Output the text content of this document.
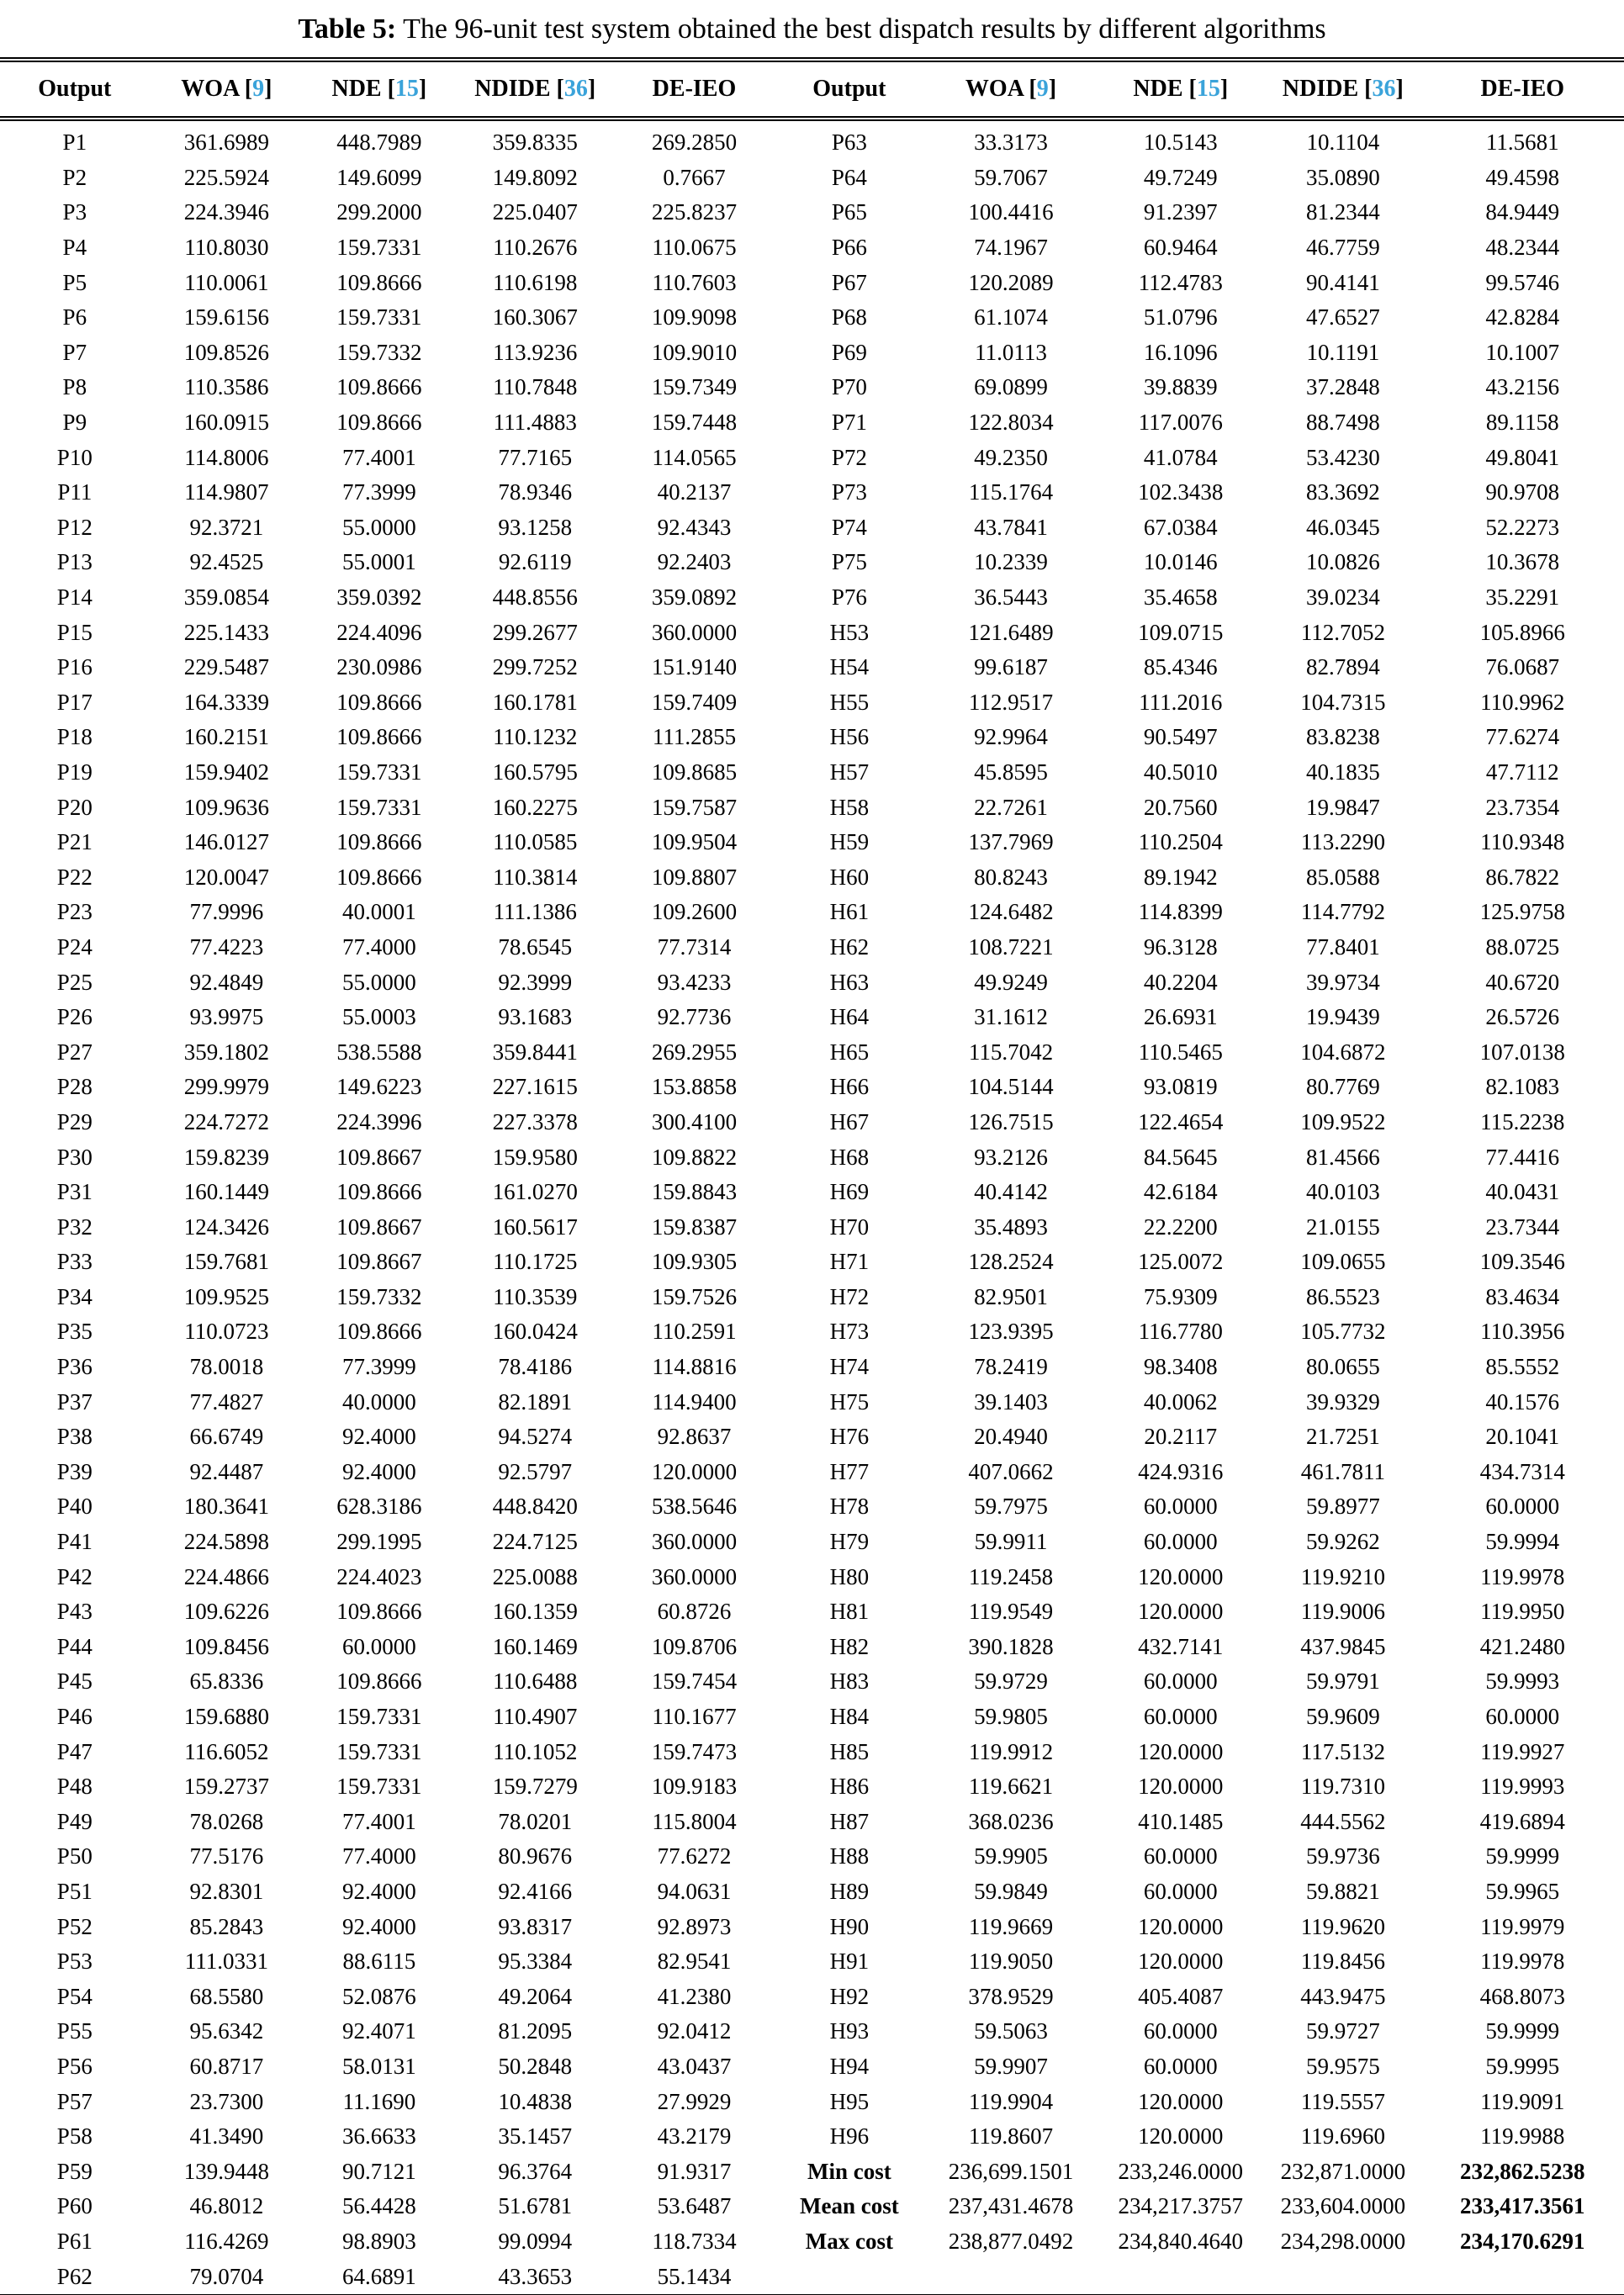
Table 5: The 96-unit test system obtained the best dispatch results by different algorithms
Output	WOA [9]	NDE [15]	NDIDE [36]	DE-IEO	Output	WOA [9]	NDE [15]	NDIDE [36]	DE-IEO
P1	361.6989	448.7989	359.8335	269.2850	P63	33.3173	10.5143	10.1104	11.5681
P2	225.5924	149.6099	149.8092	0.7667	P64	59.7067	49.7249	35.0890	49.4598
P3	224.3946	299.2000	225.0407	225.8237	P65	100.4416	91.2397	81.2344	84.9449
P4	110.8030	159.7331	110.2676	110.0675	P66	74.1967	60.9464	46.7759	48.2344
P5	110.0061	109.8666	110.6198	110.7603	P67	120.2089	112.4783	90.4141	99.5746
P6	159.6156	159.7331	160.3067	109.9098	P68	61.1074	51.0796	47.6527	42.8284
P7	109.8526	159.7332	113.9236	109.9010	P69	11.0113	16.1096	10.1191	10.1007
P8	110.3586	109.8666	110.7848	159.7349	P70	69.0899	39.8839	37.2848	43.2156
P9	160.0915	109.8666	111.4883	159.7448	P71	122.8034	117.0076	88.7498	89.1158
P10	114.8006	77.4001	77.7165	114.0565	P72	49.2350	41.0784	53.4230	49.8041
P11	114.9807	77.3999	78.9346	40.2137	P73	115.1764	102.3438	83.3692	90.9708
P12	92.3721	55.0000	93.1258	92.4343	P74	43.7841	67.0384	46.0345	52.2273
P13	92.4525	55.0001	92.6119	92.2403	P75	10.2339	10.0146	10.0826	10.3678
P14	359.0854	359.0392	448.8556	359.0892	P76	36.5443	35.4658	39.0234	35.2291
P15	225.1433	224.4096	299.2677	360.0000	H53	121.6489	109.0715	112.7052	105.8966
P16	229.5487	230.0986	299.7252	151.9140	H54	99.6187	85.4346	82.7894	76.0687
P17	164.3339	109.8666	160.1781	159.7409	H55	112.9517	111.2016	104.7315	110.9962
P18	160.2151	109.8666	110.1232	111.2855	H56	92.9964	90.5497	83.8238	77.6274
P19	159.9402	159.7331	160.5795	109.8685	H57	45.8595	40.5010	40.1835	47.7112
P20	109.9636	159.7331	160.2275	159.7587	H58	22.7261	20.7560	19.9847	23.7354
P21	146.0127	109.8666	110.0585	109.9504	H59	137.7969	110.2504	113.2290	110.9348
P22	120.0047	109.8666	110.3814	109.8807	H60	80.8243	89.1942	85.0588	86.7822
P23	77.9996	40.0001	111.1386	109.2600	H61	124.6482	114.8399	114.7792	125.9758
P24	77.4223	77.4000	78.6545	77.7314	H62	108.7221	96.3128	77.8401	88.0725
P25	92.4849	55.0000	92.3999	93.4233	H63	49.9249	40.2204	39.9734	40.6720
P26	93.9975	55.0003	93.1683	92.7736	H64	31.1612	26.6931	19.9439	26.5726
P27	359.1802	538.5588	359.8441	269.2955	H65	115.7042	110.5465	104.6872	107.0138
P28	299.9979	149.6223	227.1615	153.8858	H66	104.5144	93.0819	80.7769	82.1083
P29	224.7272	224.3996	227.3378	300.4100	H67	126.7515	122.4654	109.9522	115.2238
P30	159.8239	109.8667	159.9580	109.8822	H68	93.2126	84.5645	81.4566	77.4416
P31	160.1449	109.8666	161.0270	159.8843	H69	40.4142	42.6184	40.0103	40.0431
P32	124.3426	109.8667	160.5617	159.8387	H70	35.4893	22.2200	21.0155	23.7344
P33	159.7681	109.8667	110.1725	109.9305	H71	128.2524	125.0072	109.0655	109.3546
P34	109.9525	159.7332	110.3539	159.7526	H72	82.9501	75.9309	86.5523	83.4634
P35	110.0723	109.8666	160.0424	110.2591	H73	123.9395	116.7780	105.7732	110.3956
P36	78.0018	77.3999	78.4186	114.8816	H74	78.2419	98.3408	80.0655	85.5552
P37	77.4827	40.0000	82.1891	114.9400	H75	39.1403	40.0062	39.9329	40.1576
P38	66.6749	92.4000	94.5274	92.8637	H76	20.4940	20.2117	21.7251	20.1041
P39	92.4487	92.4000	92.5797	120.0000	H77	407.0662	424.9316	461.7811	434.7314
P40	180.3641	628.3186	448.8420	538.5646	H78	59.7975	60.0000	59.8977	60.0000
P41	224.5898	299.1995	224.7125	360.0000	H79	59.9911	60.0000	59.9262	59.9994
P42	224.4866	224.4023	225.0088	360.0000	H80	119.2458	120.0000	119.9210	119.9978
P43	109.6226	109.8666	160.1359	60.8726	H81	119.9549	120.0000	119.9006	119.9950
P44	109.8456	60.0000	160.1469	109.8706	H82	390.1828	432.7141	437.9845	421.2480
P45	65.8336	109.8666	110.6488	159.7454	H83	59.9729	60.0000	59.9791	59.9993
P46	159.6880	159.7331	110.4907	110.1677	H84	59.9805	60.0000	59.9609	60.0000
P47	116.6052	159.7331	110.1052	159.7473	H85	119.9912	120.0000	117.5132	119.9927
P48	159.2737	159.7331	159.7279	109.9183	H86	119.6621	120.0000	119.7310	119.9993
P49	78.0268	77.4001	78.0201	115.8004	H87	368.0236	410.1485	444.5562	419.6894
P50	77.5176	77.4000	80.9676	77.6272	H88	59.9905	60.0000	59.9736	59.9999
P51	92.8301	92.4000	92.4166	94.0631	H89	59.9849	60.0000	59.8821	59.9965
P52	85.2843	92.4000	93.8317	92.8973	H90	119.9669	120.0000	119.9620	119.9979
P53	111.0331	88.6115	95.3384	82.9541	H91	119.9050	120.0000	119.8456	119.9978
P54	68.5580	52.0876	49.2064	41.2380	H92	378.9529	405.4087	443.9475	468.8073
P55	95.6342	92.4071	81.2095	92.0412	H93	59.5063	60.0000	59.9727	59.9999
P56	60.8717	58.0131	50.2848	43.0437	H94	59.9907	60.0000	59.9575	59.9995
P57	23.7300	11.1690	10.4838	27.9929	H95	119.9904	120.0000	119.5557	119.9091
P58	41.3490	36.6633	35.1457	43.2179	H96	119.8607	120.0000	119.6960	119.9988
P59	139.9448	90.7121	96.3764	91.9317	Min cost	236,699.1501	233,246.0000	232,871.0000	232,862.5238
P60	46.8012	56.4428	51.6781	53.6487	Mean cost	237,431.4678	234,217.3757	233,604.0000	233,417.3561
P61	116.4269	98.8903	99.0994	118.7334	Max cost	238,877.0492	234,840.4640	234,298.0000	234,170.6291
P62	79.0704	64.6891	43.3653	55.1434					
